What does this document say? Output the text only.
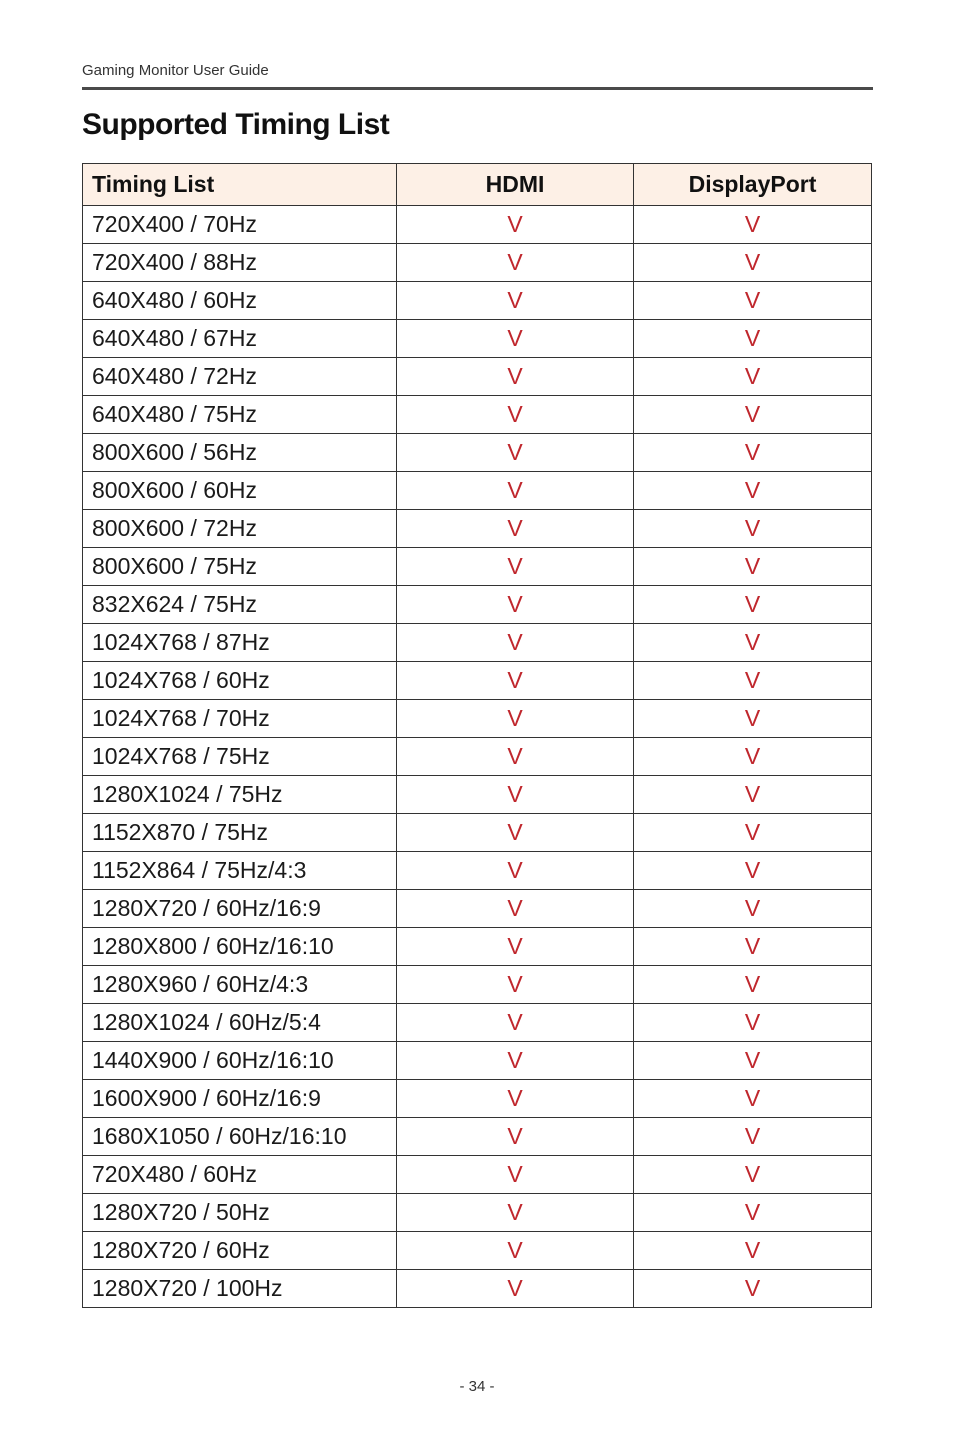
Gaming Monitor User Guide
Supported Timing List
Timing List	HDMI	DisplayPort
720X400 / 70Hz	V	V
720X400 / 88Hz	V	V
640X480 / 60Hz	V	V
640X480 / 67Hz	V	V
640X480 / 72Hz	V	V
640X480 / 75Hz	V	V
800X600 / 56Hz	V	V
800X600 / 60Hz	V	V
800X600 / 72Hz	V	V
800X600 / 75Hz	V	V
832X624 / 75Hz	V	V
1024X768 / 87Hz	V	V
1024X768 / 60Hz	V	V
1024X768 / 70Hz	V	V
1024X768 / 75Hz	V	V
1280X1024 / 75Hz	V	V
1152X870 / 75Hz	V	V
1152X864 / 75Hz/4:3	V	V
1280X720 / 60Hz/16:9	V	V
1280X800 / 60Hz/16:10	V	V
1280X960 / 60Hz/4:3	V	V
1280X1024 / 60Hz/5:4	V	V
1440X900 / 60Hz/16:10	V	V
1600X900 / 60Hz/16:9	V	V
1680X1050 / 60Hz/16:10	V	V
720X480 / 60Hz	V	V
1280X720 / 50Hz	V	V
1280X720 / 60Hz	V	V
1280X720 / 100Hz	V	V
- 34 -
